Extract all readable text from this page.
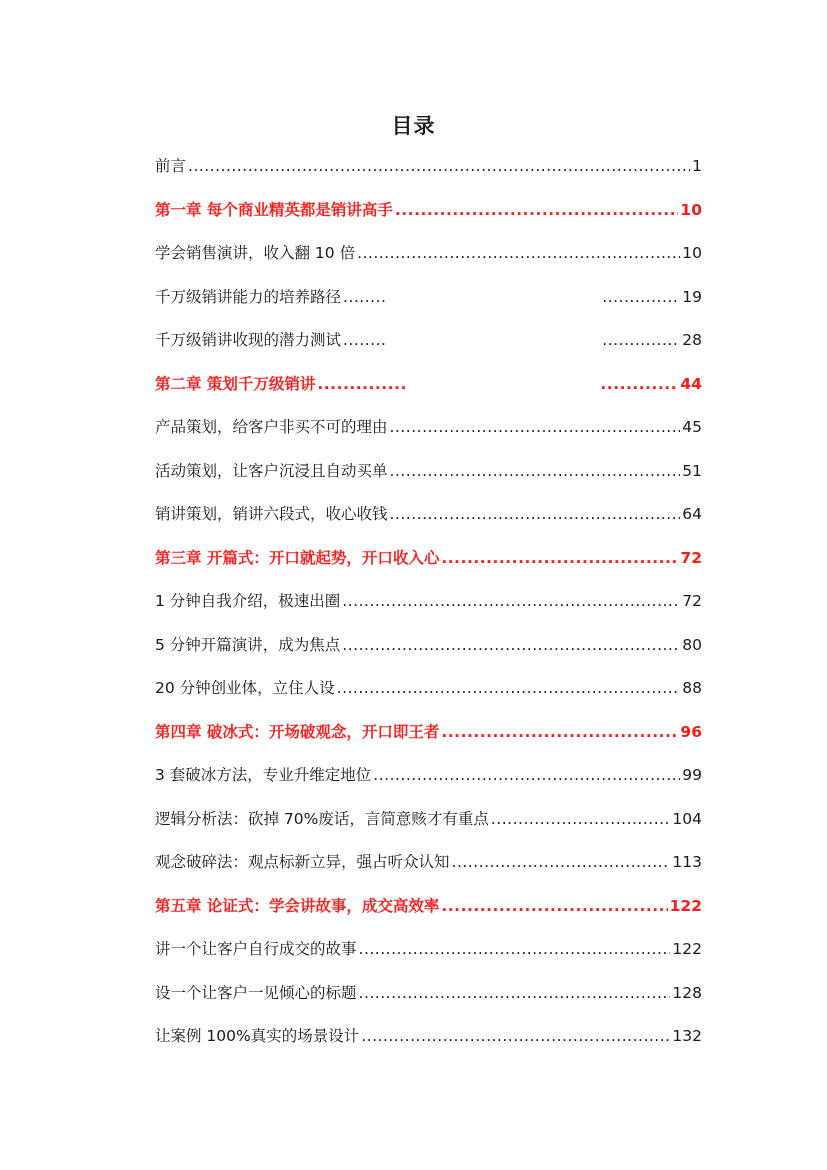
目录
前言 .....	1
第一章 每个商业精英都是销讲高手 .....	10
学会销售演讲，收入翻 10 倍 .....	10
千万级销讲能力的培养路径 ........ .....	19
千万级销讲收现的潜力测试 ........ .....	28
第二章 策划千万级销讲 ..... .....	44
产品策划，给客户非买不可的理由 .....	45
活动策划，让客户沉浸且自动买单 .....	51
销讲策划，销讲六段式，收心收钱 .....	64
第三章 开篇式：开口就起势，开口收入心 .....	72
1 分钟自我介绍，极速出圈 .....	72
5 分钟开篇演讲，成为焦点 .....	80
20 分钟创业体，立住人设 .....	88
第四章 破冰式：开场破观念，开口即王者 .....	96
3 套破冰方法，专业升维定地位 .....	99
逻辑分析法：砍掉 70%废话，言简意赅才有重点 .....	104
观念破碎法：观点标新立异，强占听众认知 .....	113
第五章 论证式：学会讲故事，成交高效率 .....	122
讲一个让客户自行成交的故事 .....	122
设一个让客户一见倾心的标题 .....	128
让案例 100%真实的场景设计 .....	132
